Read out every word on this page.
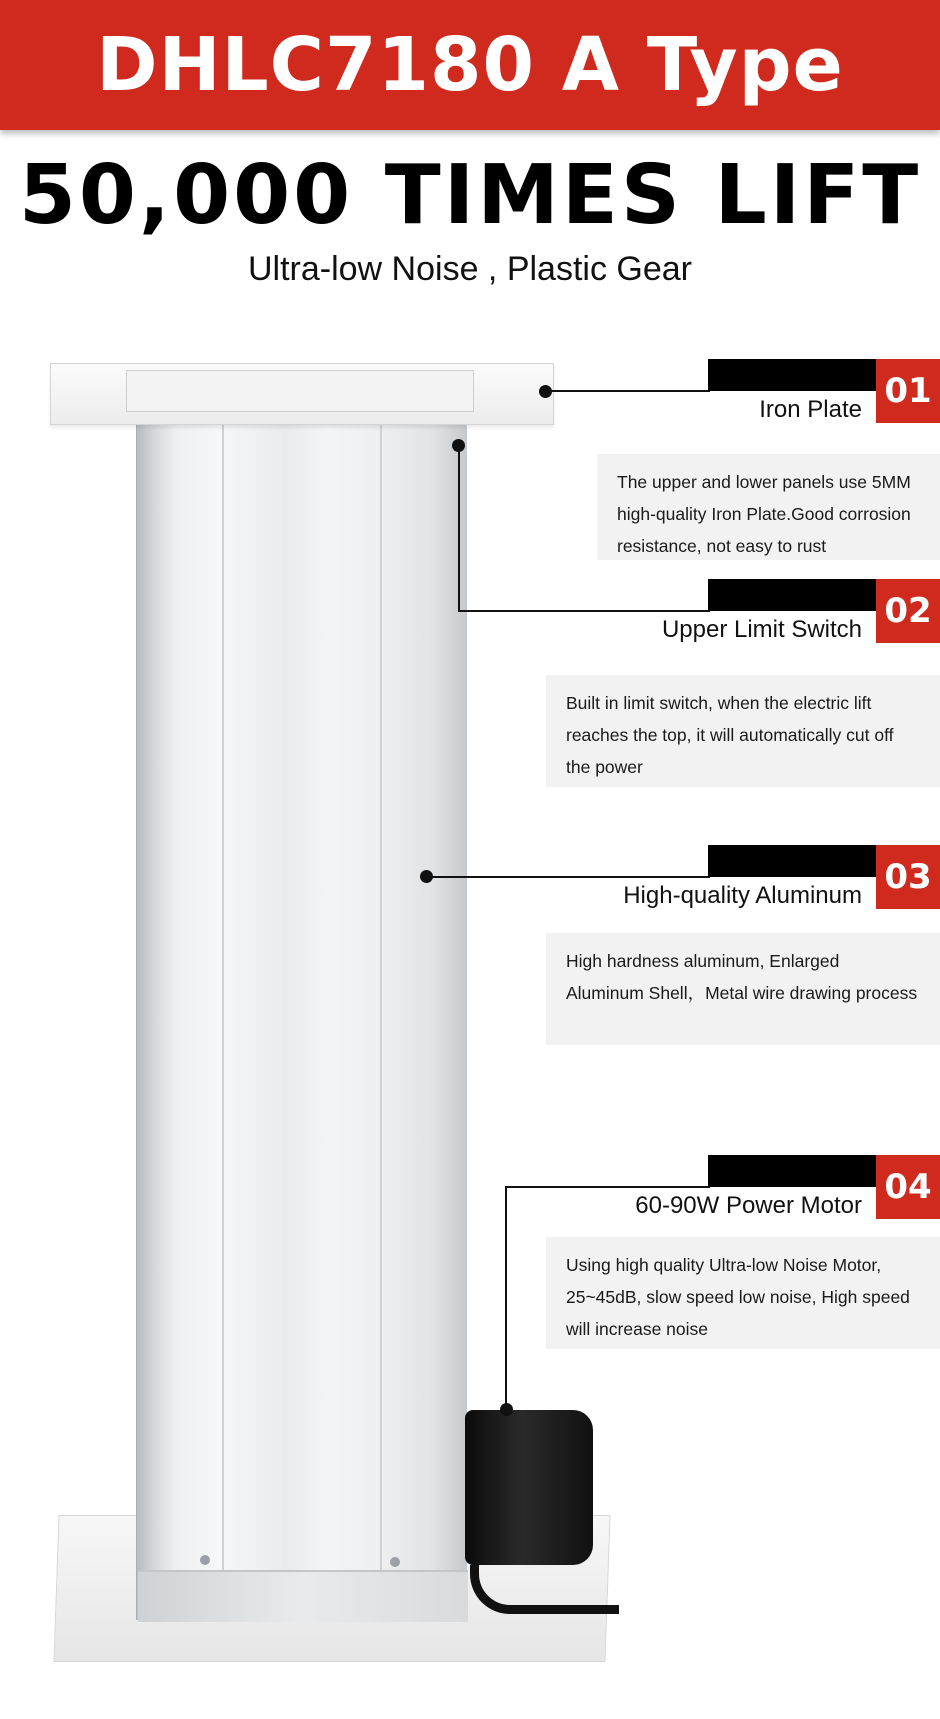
DHLC7180 A Type
50,000 TIMES LIFT
Ultra-low Noise , Plastic Gear
01
Iron Plate
The upper and lower panels use 5MM high-quality Iron Plate.Good corrosion resistance, not easy to rust
02
Upper Limit Switch
Built in limit switch, when the electric lift reaches the top, it will automatically cut off the power
03
High-quality Aluminum
High hardness aluminum, Enlarged Aluminum Shell，Metal wire drawing process
04
60-90W Power Motor
Using high quality Ultra-low Noise Motor, 25~45dB, slow speed low noise, High speed will increase noise
